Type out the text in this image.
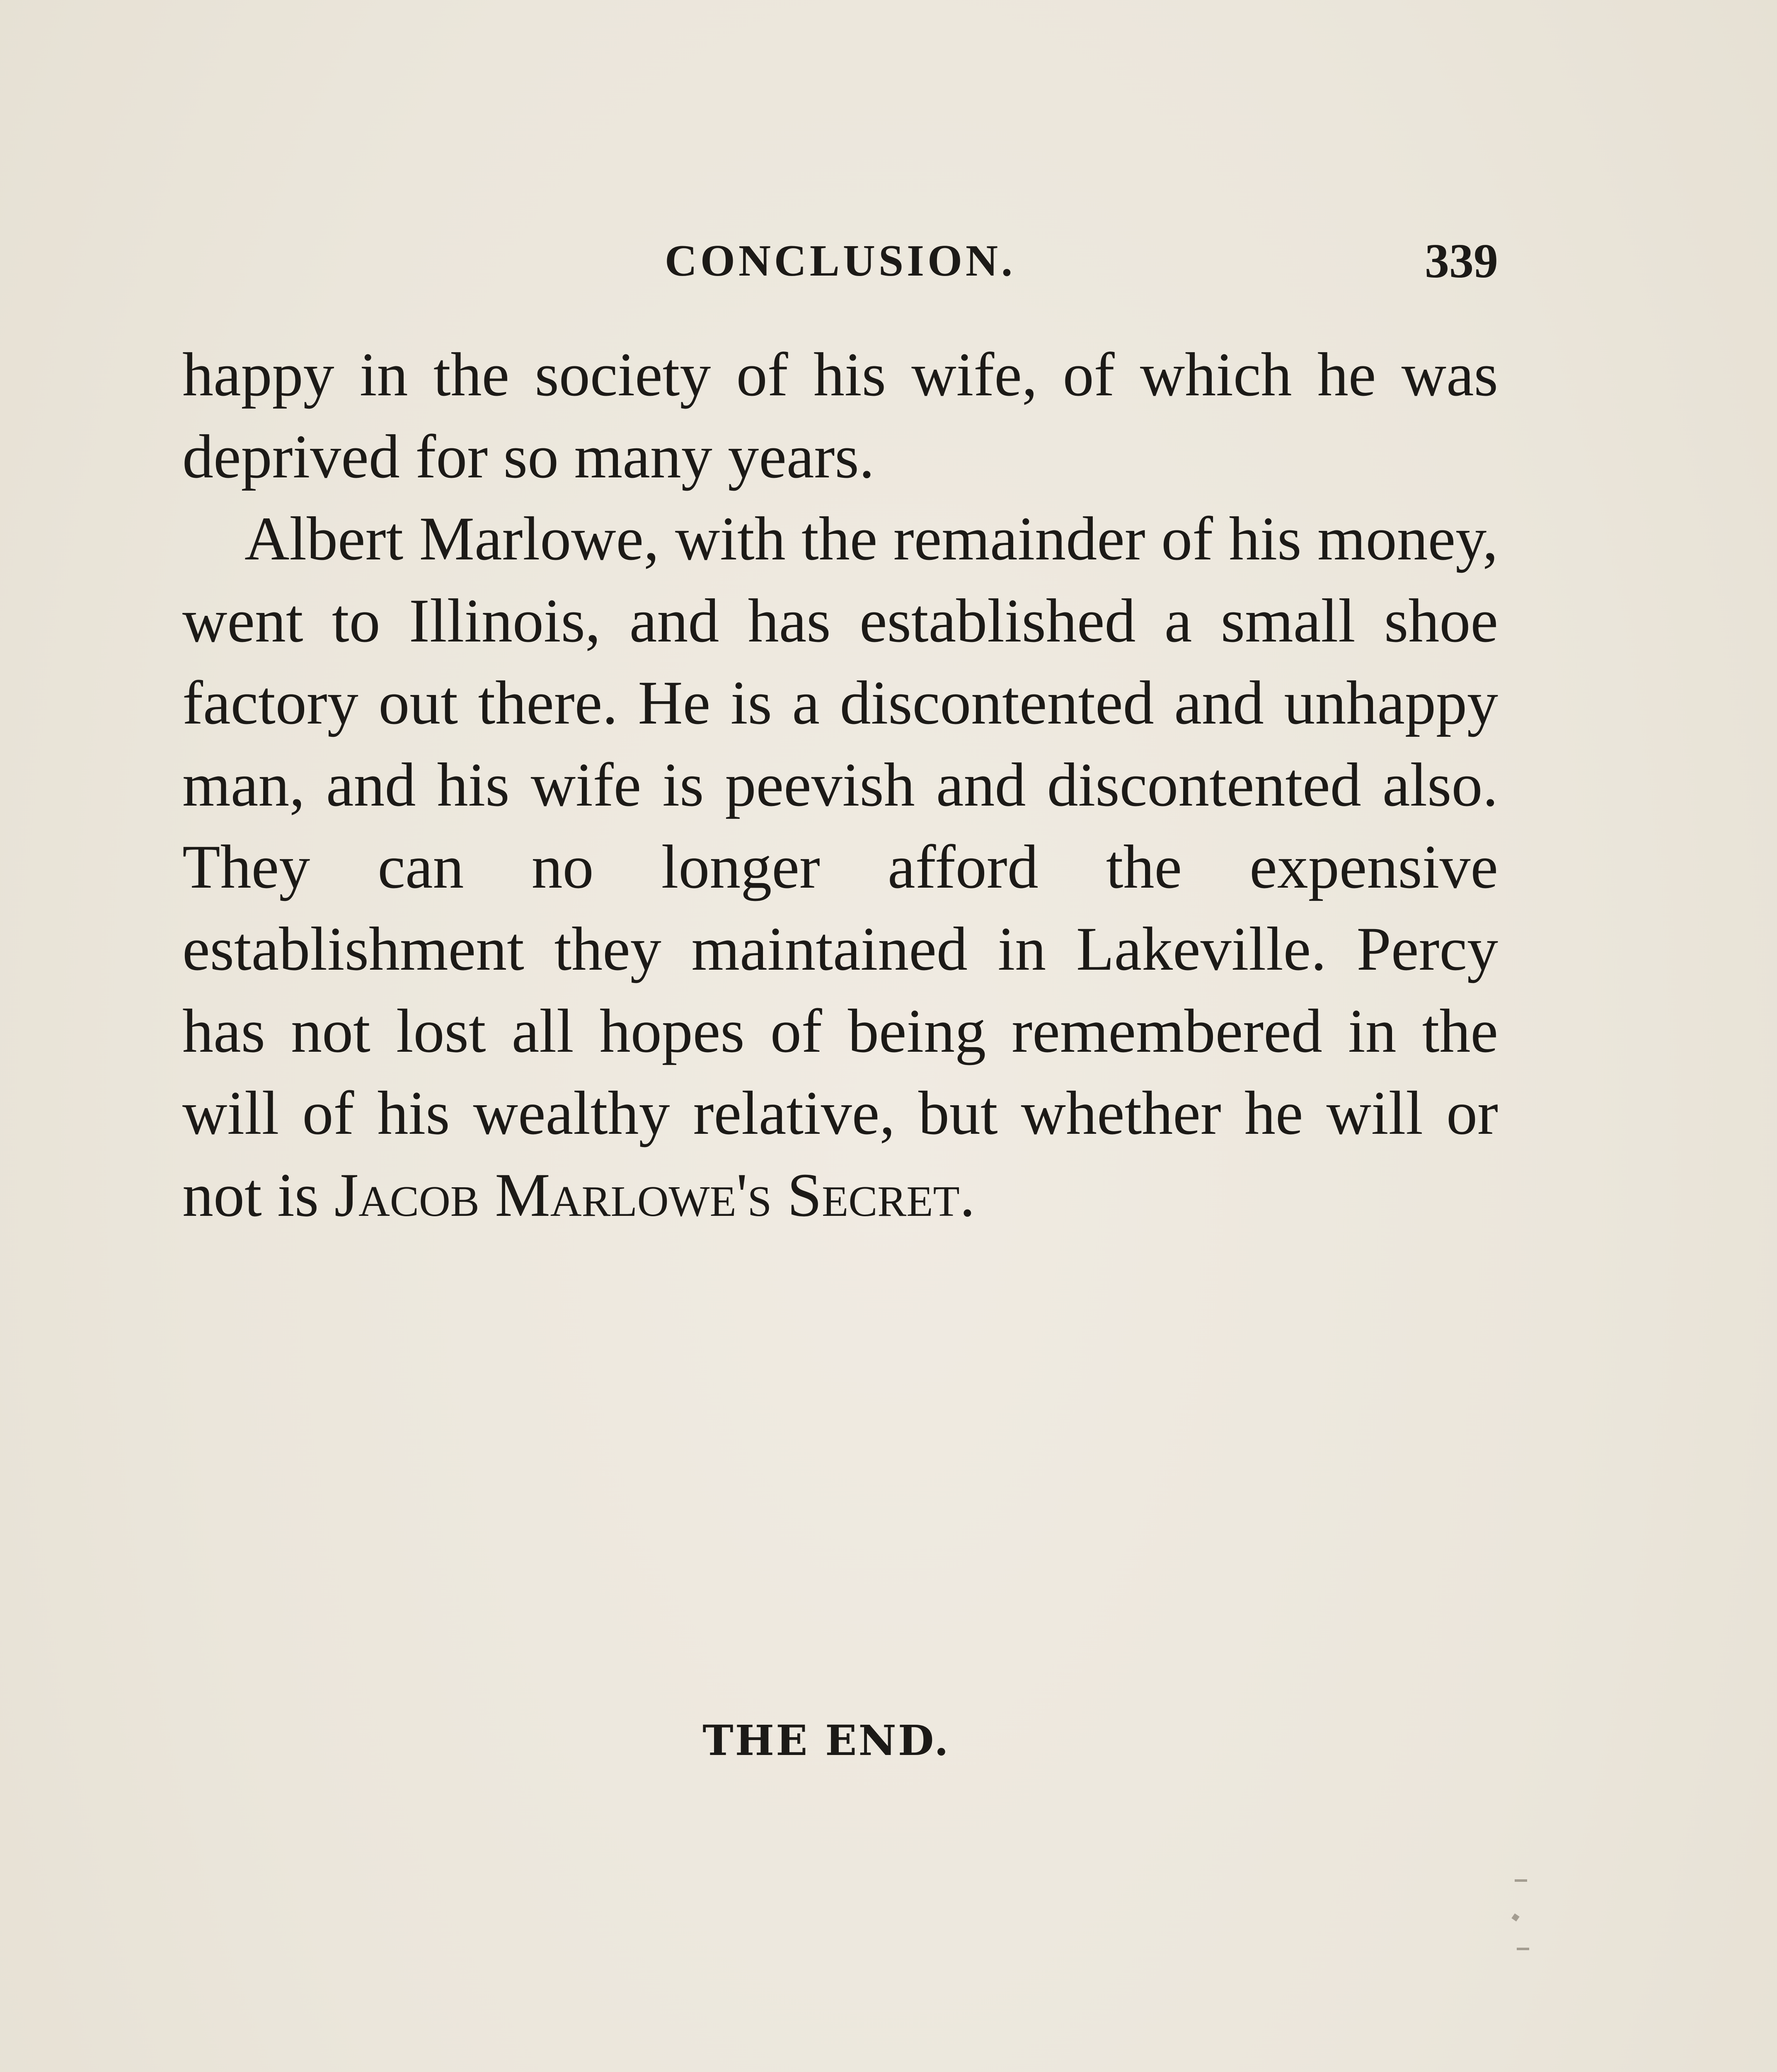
CONCLUSION.	339

happy in the society of his wife, of which he was deprived for so many years.

Albert Marlowe, with the remainder of his money, went to Illinois, and has established a small shoe factory out there. He is a discontented and unhappy man, and his wife is peevish and discontented also. They can no longer afford the expensive establishment they maintained in Lakeville. Percy has not lost all hopes of being remembered in the will of his wealthy relative, but whether he will or not is Jacob Marlowe's Secret.

THE END.
